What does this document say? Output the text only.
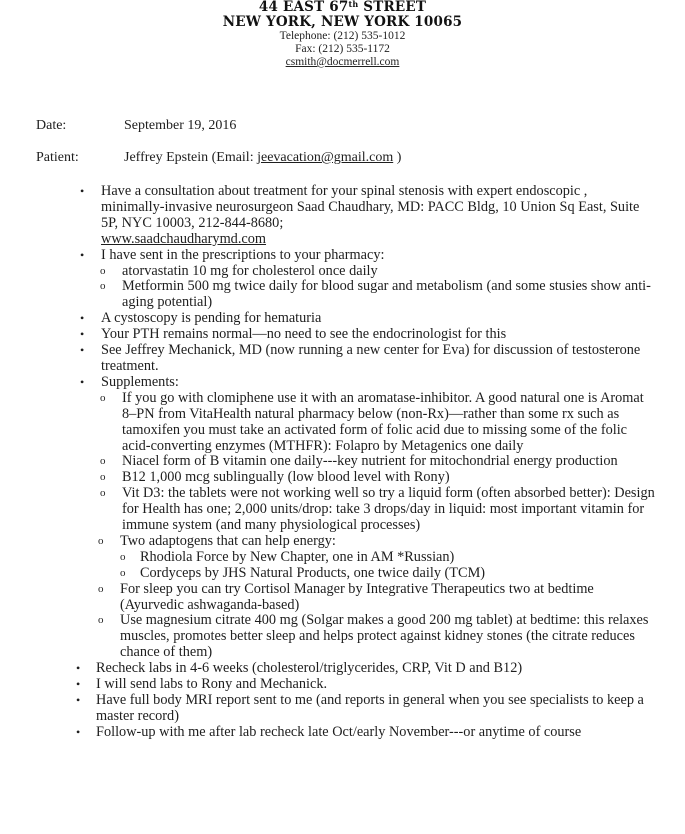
44 EAST 67th STREET
NEW YORK, NEW YORK 10065
Telephone: (212) 535-1012
Fax: (212) 535-1172
csmith@docmerrell.com
Date:	September 19, 2016
Patient:	Jeffrey Epstein (Email: jeevacation@gmail.com )
• Have a consultation about treatment for your spinal stenosis with expert endoscopic , minimally-invasive neurosurgeon Saad Chaudhary, MD: PACC Bldg, 10 Union Sq East, Suite 5P, NYC 10003, 212-844-8680;
www.saadchaudharymd.com
• I have sent in the prescriptions to your pharmacy:
o atorvastatin 10 mg for cholesterol once daily
o Metformin 500 mg twice daily for blood sugar and metabolism (and some stusies show anti-aging potential)
• A cystoscopy is pending for hematuria
• Your PTH remains normal—no need to see the endocrinologist for this
• See Jeffrey Mechanick, MD (now running a new center for Eva) for discussion of testosterone treatment.
• Supplements:
o If you go with clomiphene use it with an aromatase-inhibitor. A good natural one is Aromat 8–PN from VitaHealth natural pharmacy below (non-Rx)—rather than some rx such as tamoxifen you must take an activated form of folic acid due to missing some of the folic acid-converting enzymes (MTHFR): Folapro by Metagenics one daily
o Niacel form of B vitamin one daily---key nutrient for mitochondrial energy production
o B12 1,000 mcg sublingually (low blood level with Rony)
o Vit D3: the tablets were not working well so try a liquid form (often absorbed better): Design for Health has one; 2,000 units/drop: take 3 drops/day in liquid: most important vitamin for immune system (and many physiological processes)
o Two adaptogens that can help energy:
o Rhodiola Force by New Chapter, one in AM *Russian)
o Cordyceps by JHS Natural Products, one twice daily (TCM)
o For sleep you can try Cortisol Manager by Integrative Therapeutics two at bedtime (Ayurvedic ashwaganda-based)
o Use magnesium citrate 400 mg (Solgar makes a good 200 mg tablet) at bedtime: this relaxes muscles, promotes better sleep and helps protect against kidney stones (the citrate reduces chance of them)
• Recheck labs in 4-6 weeks (cholesterol/triglycerides, CRP, Vit D and B12)
• I will send labs to Rony and Mechanick.
• Have full body MRI report sent to me (and reports in general when you see specialists to keep a master record)
• Follow-up with me after lab recheck late Oct/early November---or anytime of course
